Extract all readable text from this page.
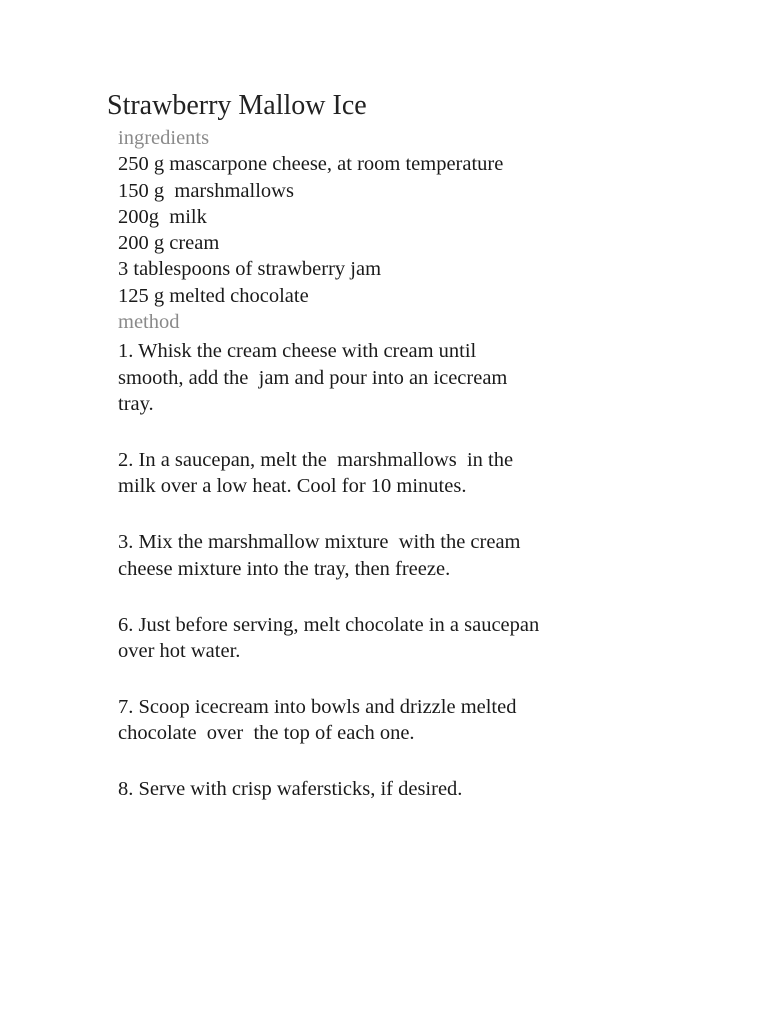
Strawberry Mallow Ice
ingredients
250 g mascarpone cheese, at room temperature
150 g  marshmallows
200g  milk
200 g cream
3 tablespoons of strawberry jam
125 g melted chocolate
method
1. Whisk the cream cheese with cream until
smooth, add the  jam and pour into an icecream
tray.
2. In a saucepan, melt the  marshmallows  in the
milk over a low heat. Cool for 10 minutes.
3. Mix the marshmallow mixture  with the cream
cheese mixture into the tray, then freeze.
6. Just before serving, melt chocolate in a saucepan
over hot water.
7. Scoop icecream into bowls and drizzle melted
chocolate  over  the top of each one.
8. Serve with crisp wafersticks, if desired.
